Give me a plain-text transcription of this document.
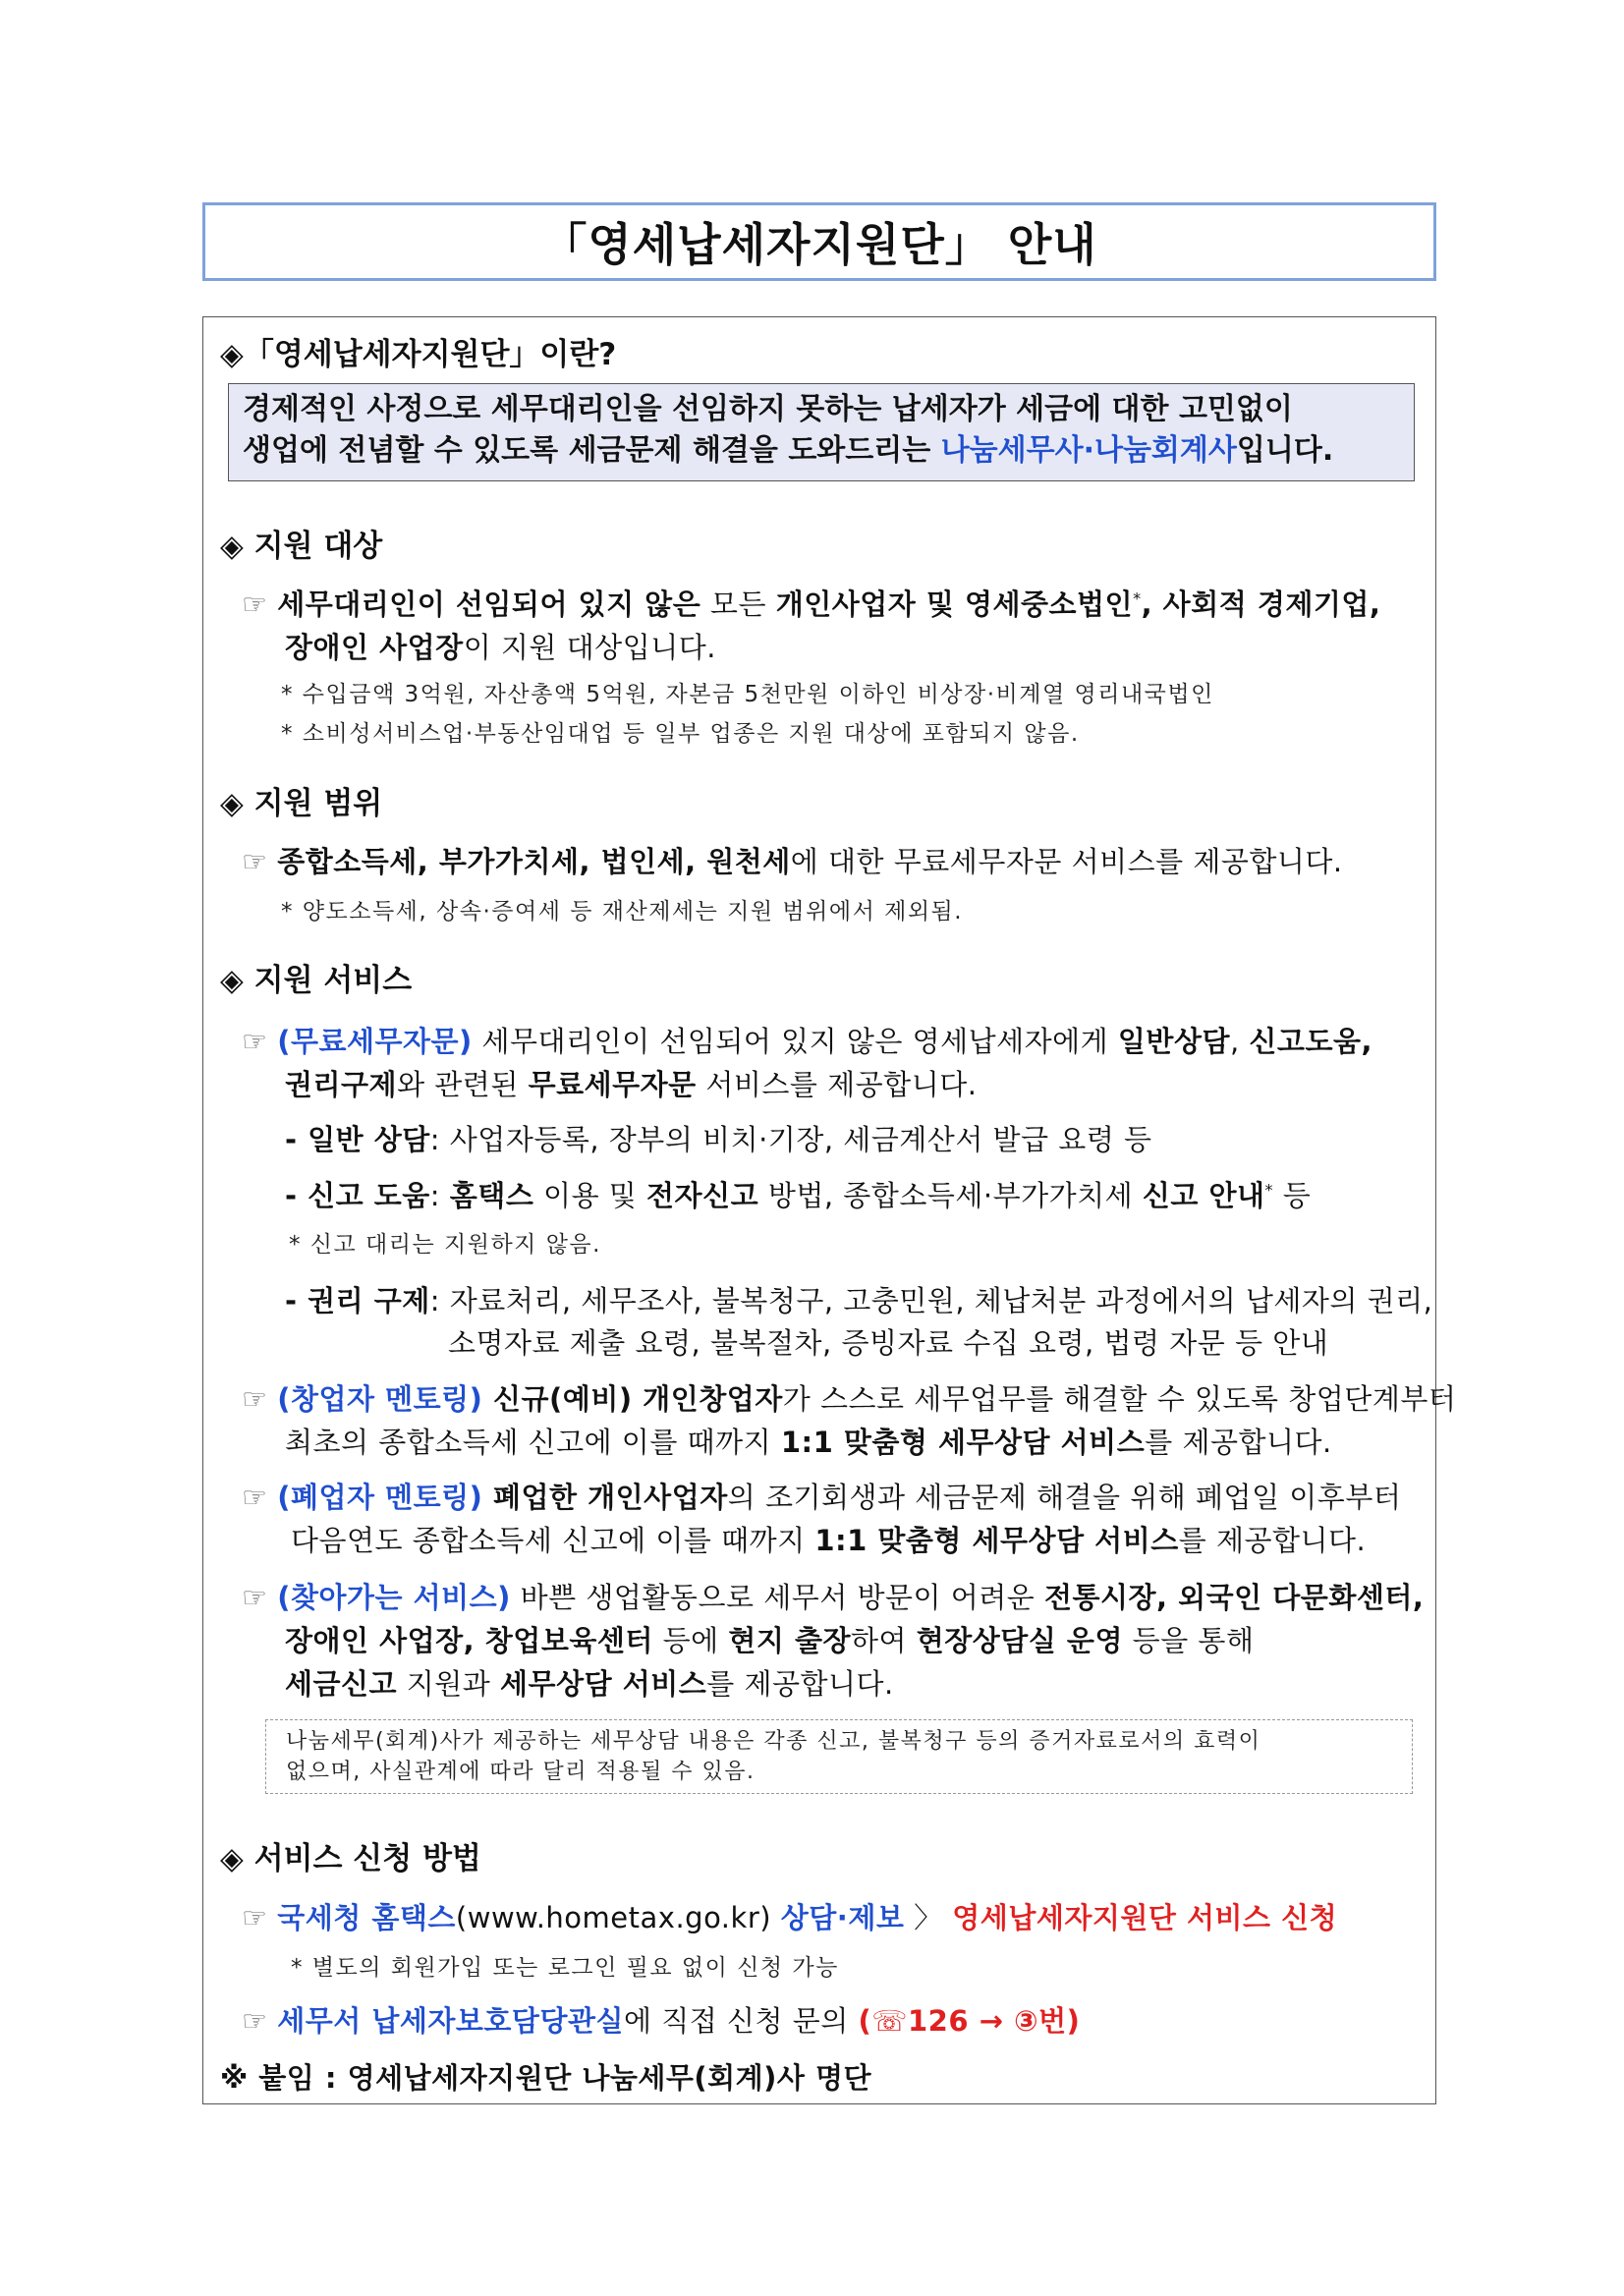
「영세납세자지원단」 안내
◈「영세납세자지원단」이란?
경제적인 사정으로 세무대리인을 선임하지 못하는 납세자가 세금에 대한 고민없이
생업에 전념할 수 있도록 세금문제 해결을 도와드리는 나눔세무사·나눔회계사입니다.
◈ 지원 대상
☞ 세무대리인이 선임되어 있지 않은 모든 개인사업자 및 영세중소법인*, 사회적 경제기업,
장애인 사업장이 지원 대상입니다.
* 수입금액 3억원, 자산총액 5억원, 자본금 5천만원 이하인 비상장·비계열 영리내국법인
* 소비성서비스업·부동산임대업 등 일부 업종은 지원 대상에 포함되지 않음.
◈ 지원 범위
☞ 종합소득세, 부가가치세, 법인세, 원천세에 대한 무료세무자문 서비스를 제공합니다.
* 양도소득세, 상속·증여세 등 재산제세는 지원 범위에서 제외됨.
◈ 지원 서비스
☞ (무료세무자문) 세무대리인이 선임되어 있지 않은 영세납세자에게 일반상담, 신고도움,
권리구제와 관련된 무료세무자문 서비스를 제공합니다.
- 일반 상담: 사업자등록, 장부의 비치·기장, 세금계산서 발급 요령 등
- 신고 도움: 홈택스 이용 및 전자신고 방법, 종합소득세·부가가치세 신고 안내* 등
* 신고 대리는 지원하지 않음.
- 권리 구제: 자료처리, 세무조사, 불복청구, 고충민원, 체납처분 과정에서의 납세자의 권리,
소명자료 제출 요령, 불복절차, 증빙자료 수집 요령, 법령 자문 등 안내
☞ (창업자 멘토링) 신규(예비) 개인창업자가 스스로 세무업무를 해결할 수 있도록 창업단계부터
최초의 종합소득세 신고에 이를 때까지 1:1 맞춤형 세무상담 서비스를 제공합니다.
☞ (폐업자 멘토링) 폐업한 개인사업자의 조기회생과 세금문제 해결을 위해 폐업일 이후부터
다음연도 종합소득세 신고에 이를 때까지 1:1 맞춤형 세무상담 서비스를 제공합니다.
☞ (찾아가는 서비스) 바쁜 생업활동으로 세무서 방문이 어려운 전통시장, 외국인 다문화센터,
장애인 사업장, 창업보육센터 등에 현지 출장하여 현장상담실 운영 등을 통해
세금신고 지원과 세무상담 서비스를 제공합니다.
나눔세무(회계)사가 제공하는 세무상담 내용은 각종 신고, 불복청구 등의 증거자료로서의 효력이
없으며, 사실관계에 따라 달리 적용될 수 있음.
◈ 서비스 신청 방법
☞ 국세청 홈택스(www.hometax.go.kr) 상담·제보 〉 영세납세자지원단 서비스 신청
* 별도의 회원가입 또는 로그인 필요 없이 신청 가능
☞ 세무서 납세자보호담당관실에 직접 신청 문의 (☏126 → ③번)
※ 붙임 : 영세납세자지원단 나눔세무(회계)사 명단
